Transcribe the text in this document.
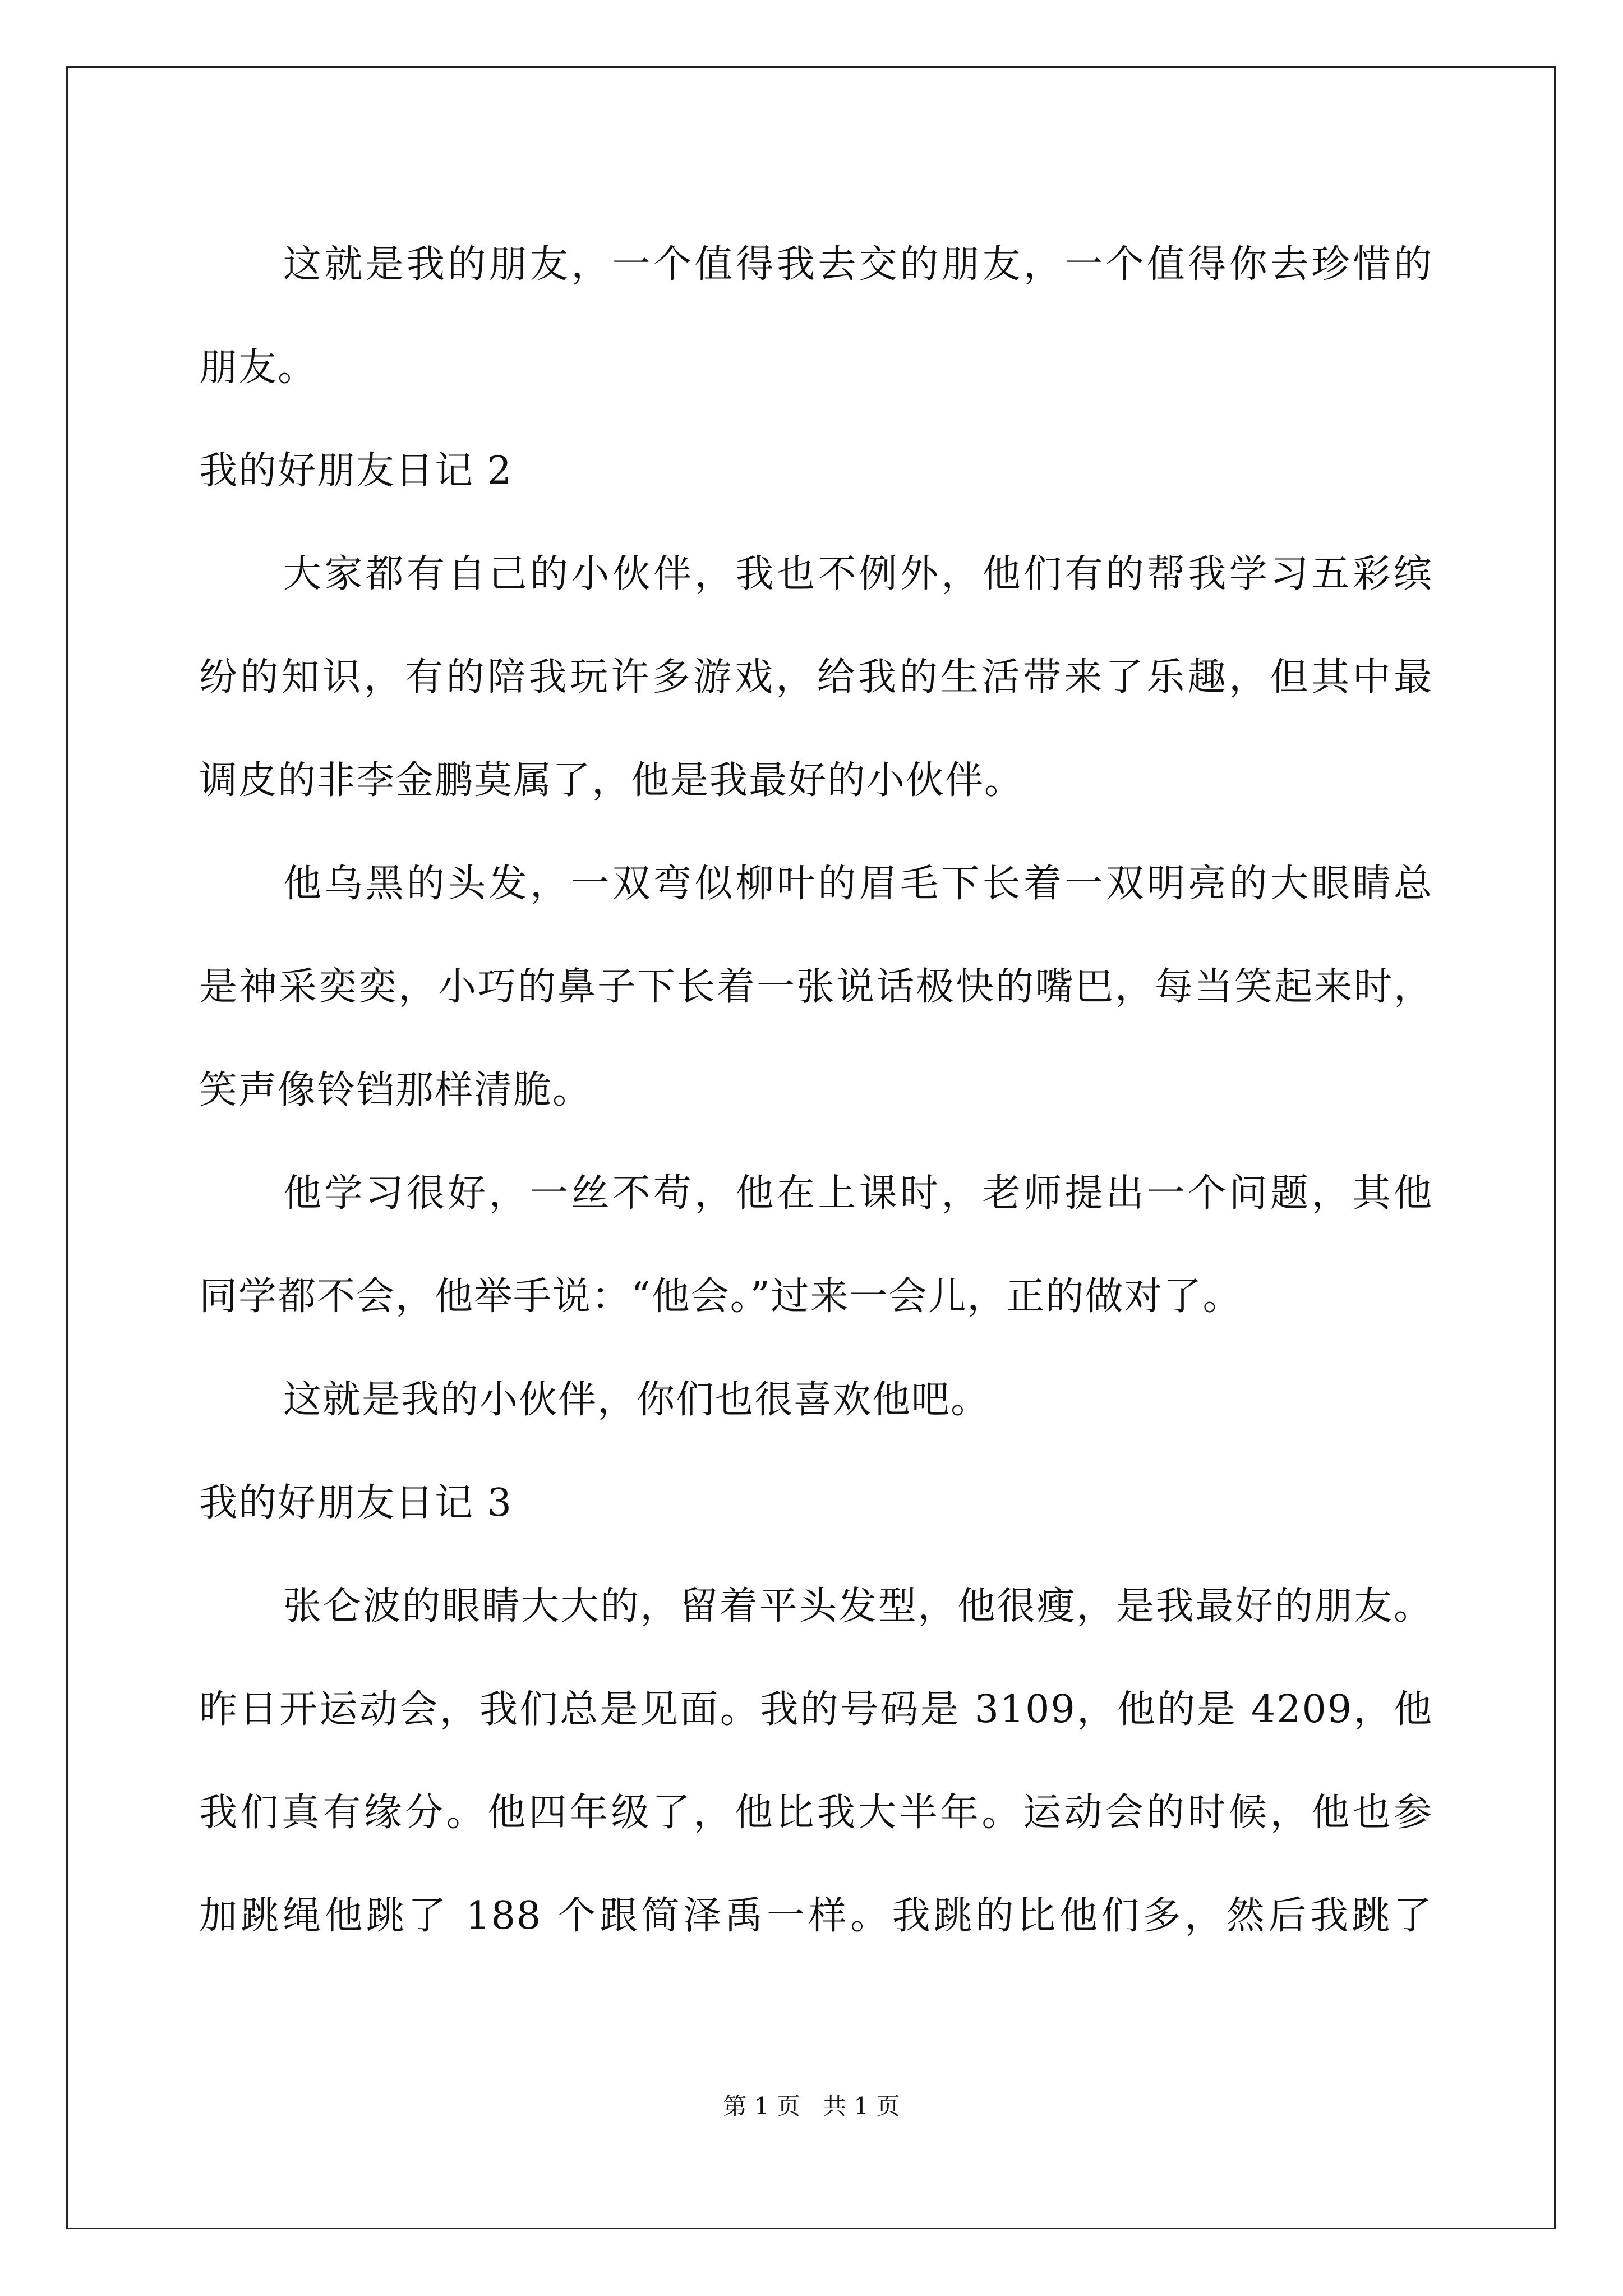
这就是我的朋友，一个值得我去交的朋友，一个值得你去珍惜的
朋友。
我的好朋友日记 2
大家都有自己的小伙伴，我也不例外，他们有的帮我学习五彩缤
纷的知识，有的陪我玩许多游戏，给我的生活带来了乐趣，但其中最
调皮的非李金鹏莫属了，他是我最好的小伙伴。
他乌黑的头发，一双弯似柳叶的眉毛下长着一双明亮的大眼睛总
是神采奕奕，小巧的鼻子下长着一张说话极快的嘴巴，每当笑起来时，
笑声像铃铛那样清脆。
他学习很好，一丝不苟，他在上课时，老师提出一个问题，其他
同学都不会，他举手说：“他会。”过来一会儿，正的做对了。
这就是我的小伙伴，你们也很喜欢他吧。
我的好朋友日记 3
张仑波的眼睛大大的，留着平头发型，他很瘦，是我最好的朋友。
昨日开运动会，我们总是见面。我的号码是 3109，他的是 4209，他
我们真有缘分。他四年级了，他比我大半年。运动会的时候，他也参
加跳绳他跳了 188 个跟简泽禹一样。我跳的比他们多，然后我跳了
第 1 页   共 1 页
